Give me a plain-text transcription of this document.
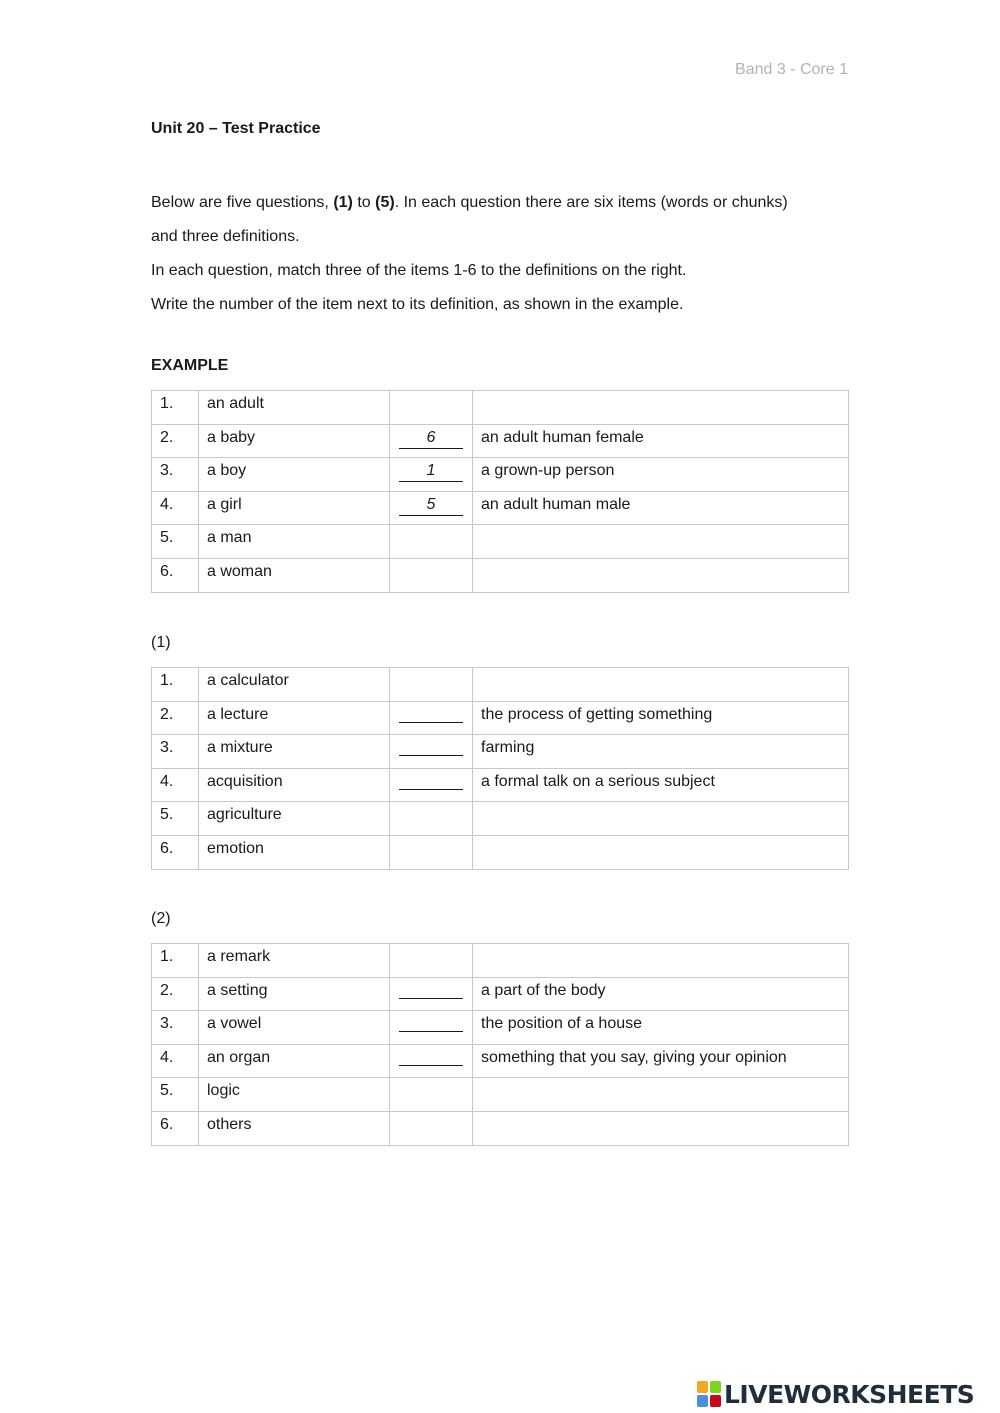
Band 3 - Core 1
Unit 20 – Test Practice

Below are five questions, (1) to (5). In each question there are six items (words or chunks)

and three definitions.

In each question, match three of the items 1-6 to the definitions on the right.

Write the number of the item next to its definition, as shown in the example.

EXAMPLE
1.	an adult		
2.	a baby	6	an adult human female
3.	a boy	1	a grown-up person
4.	a girl	5	an adult human male
5.	a man		
6.	a woman		
(1)
1.	a calculator		
2.	a lecture		the process of getting something
3.	a mixture		farming
4.	acquisition		a formal talk on a serious subject
5.	agriculture		
6.	emotion		
(2)
1.	a remark		
2.	a setting		a part of the body
3.	a vowel		the position of a house
4.	an organ		something that you say, giving your opinion
5.	logic		
6.	others		
LIVEWORKSHEETS
